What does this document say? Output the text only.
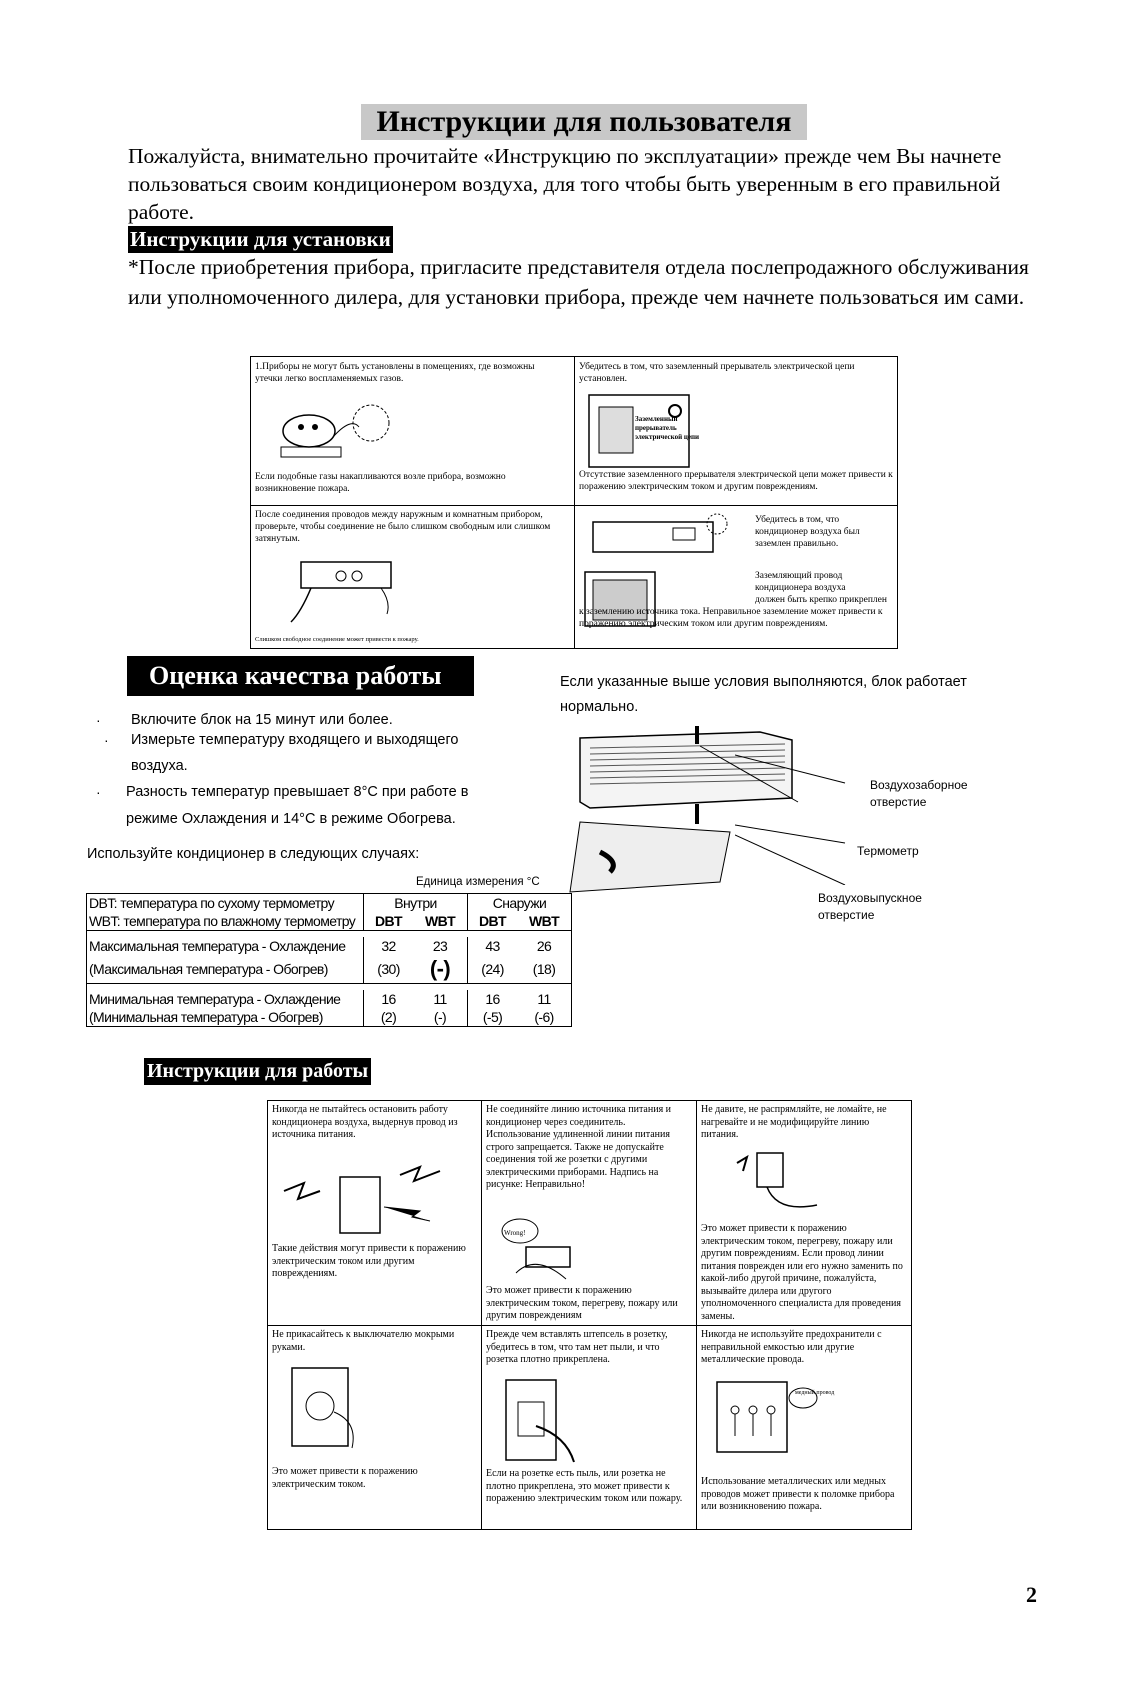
Инструкции для пользователя
Пожалуйста, внимательно прочитайте «Инструкцию по эксплуатации» прежде чем Вы начнете пользоваться своим кондиционером воздуха, для того чтобы быть уверенным в его правильной работе.
Инструкции для установки
*После приобретения прибора, пригласите представителя отдела послепродажного обслуживания или уполномоченного дилера, для установки прибора, прежде чем начнете пользоваться им сами.
1.Приборы не могут быть установлены в помещениях, где возможны утечки легко воспламеняемых газов.
Если подобные газы накапливаются возле прибора, возможно возникновение пожара.
Убедитесь в том, что заземленный прерыватель электрической цепи установлен.
Заземленный
прерыватель
электрической цепи
Отсутствие заземленного прерывателя электрической цепи может привести к поражению электрическим током и другим повреждениям.
После соединения проводов между наружным и комнатным прибором, проверьте, чтобы соединение не было слишком свободным или слишком затянутым.
Слишком свободное соединение может привести к пожару.
Убедитесь в том, что кондиционер воздуха был заземлен правильно.
Заземляющий провод кондиционера воздуха
должен быть крепко прикреплен к заземлению источника тока. Неправильное заземление может привести к поражению электрическим током или другим повреждениям.
Оценка качества работы	Если указанные выше условия выполняются, блок работает
нормально.
· Включите блок на 15 минут или более.
· Измерьте температуру входящего и выходящего
воздуха.
· Разность температур превышает 8°С при работе в
режиме Охлаждения и 14°С в режиме Обогрева.
Используйте кондиционер в следующих случаях:
Единица измерения °С
Воздухозаборное отверстие
Термометр
Воздуховыпускное отверстие
DBT: температура по сухому термометру	Внутри		Снаружи	
WBT: температура по влажному термометру	DBT	WBT	DBT	WBT

Максимальная температура - Охлаждение	32	23	43	26
(Максимальная температура - Обогрев)	(30)	(-)	(24)	(18)

Минимальная температура - Охлаждение	16	11	16	11
(Минимальная температура - Обогрев)	(2)	(-)	(-5)	(-6)
Инструкции для работы
Никогда не пытайтесь остановить работу кондиционера воздуха, выдернув провод из источника питания.
Такие действия могут привести к поражению электрическим током или другим повреждениям.
Не соединяйте линию источника питания и кондиционер через соединитель. Использование удлиненной линии питания строго запрещается. Также не допускайте соединения той же розетки с другими электрическими приборами. Надпись на рисунке: Неправильно!
Wrong!
Это может привести к поражению электрическим током, перегреву, пожару или другим повреждениям
Не давите, не распрямляйте, не ломайте, не нагревайте и не модифицируйте линию питания.
Это может привести к поражению электрическим током, перегреву, пожару или другим повреждениям. Если провод линии питания поврежден или его нужно заменить по какой-либо другой причине, пожалуйста, вызывайте дилера или другого уполномоченного специалиста для проведения замены.
Не прикасайтесь к выключателю мокрыми руками.
Это может привести к поражению электрическим током.
Прежде чем вставлять штепсель в розетку, убедитесь в том, что там нет пыли, и что розетка плотно прикреплена.
Если на розетке есть пыль, или розетка не плотно прикреплена, это может привести к поражению электрическим током или пожару.
Никогда не используйте предохранители с неправильной емкостью или другие металлические провода.
медный провод
Использование металлических или медных проводов может привести к поломке прибора или возникновению пожара.
2
